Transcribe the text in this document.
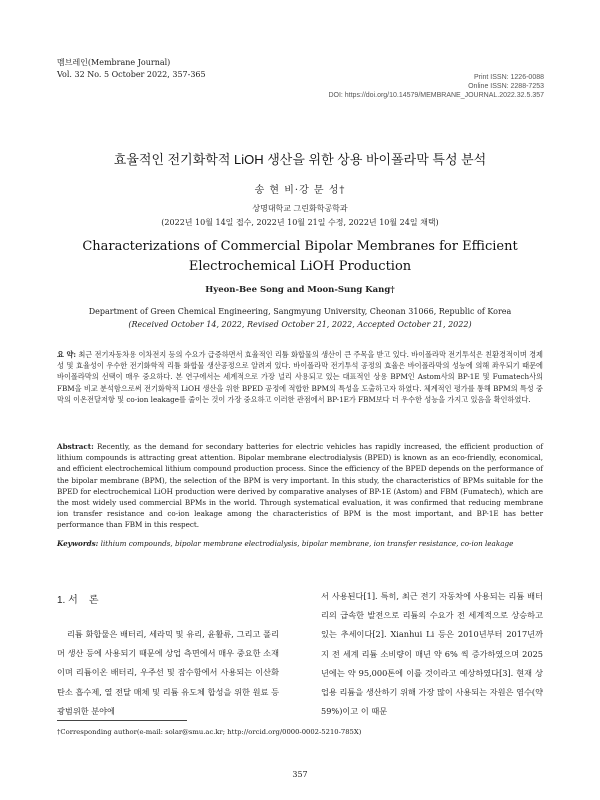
멤브레인(Membrane Journal)
Vol. 32 No. 5 October 2022, 357-365	Print ISSN: 1226-0088
Online ISSN: 2288-7253
DOI: https://doi.org/10.14579/MEMBRANE_JOURNAL.2022.32.5.357
효율적인 전기화학적 LiOH 생산을 위한 상용 바이폴라막 특성 분석
송 현 비·강 문 성†
상명대학교 그린화학공학과
(2022년 10월 14일 접수, 2022년 10월 21일 수정, 2022년 10월 24일 채택)
Characterizations of Commercial Bipolar Membranes for Efficient Electrochemical LiOH Production
Hyeon-Bee Song and Moon-Sung Kang†
Department of Green Chemical Engineering, Sangmyung University, Cheonan 31066, Republic of Korea
(Received October 14, 2022, Revised October 21, 2022, Accepted October 21, 2022)

요 약: 최근 전기자동차용 이차전지 등의 수요가 급증하면서 효율적인 리튬 화합물의 생산이 큰 주목을 받고 있다. 바이폴라막 전기투석은 친환경적이며 경제성 및 효율성이 우수한 전기화학적 리튬 화합물 생산공정으로 알려져 있다. 바이폴라막 전기투석 공정의 효율은 바이폴라막의 성능에 의해 좌우되기 때문에 바이폴라막의 선택이 매우 중요하다. 본 연구에서는 세계적으로 가장 널리 사용되고 있는 대표적인 상용 BPM인 Astom사의 BP-1E 및 Fumatech사의 FBM을 비교 분석함으로써 전기화학적 LiOH 생산을 위한 BPED 공정에 적합한 BPM의 특성을 도출하고자 하였다. 체계적인 평가를 통해 BPM의 특성 중 막의 이온전달저항 및 co-ion leakage를 줄이는 것이 가장 중요하고 이러한 관점에서 BP-1E가 FBM보다 더 우수한 성능을 가지고 있음을 확인하였다.

Abstract: Recently, as the demand for secondary batteries for electric vehicles has rapidly increased, the efficient production of lithium compounds is attracting great attention. Bipolar membrane electrodialysis (BPED) is known as an eco-friendly, economical, and efficient electrochemical lithium compound production process. Since the efficiency of the BPED depends on the performance of the bipolar membrane (BPM), the selection of the BPM is very important. In this study, the characteristics of BPMs suitable for the BPED for electrochemical LiOH production were derived by comparative analyses of BP-1E (Astom) and FBM (Fumatech), which are the most widely used commercial BPMs in the world. Through systematical evaluation, it was confirmed that reducing membrane ion transfer resistance and co-ion leakage among the characteristics of BPM is the most important, and BP-1E has better performance than FBM in this respect.

Keywords: lithium compounds, bipolar membrane electrodialysis, bipolar membrane, ion transfer resistance, co-ion leakage

1. 서    론

리튬 화합물은 배터리, 세라믹 및 유리, 윤활류, 그리고 폴리머 생산 등에 사용되기 때문에 상업 측면에서 매우 중요한 소재이며 리튬이온 배터리, 우주선 및 잠수함에서 사용되는 이산화탄소 흡수제, 열 전달 매체 및 리튬 유도체 합성을 위한 원료 등 광범위한 분야에

서 사용된다[1]. 특히, 최근 전기 자동차에 사용되는 리튬 배터리의 급속한 발전으로 리튬의 수요가 전 세계적으로 상승하고 있는 추세이다[2]. Xianhui Li 등은 2010년부터 2017년까지 전 세계 리튬 소비량이 매년 약 6% 씩 증가하였으며 2025년에는 약 95,000톤에 이를 것이라고 예상하였다[3]. 현재 상업용 리튬을 생산하기 위해 가장 많이 사용되는 자원은 염수(약 59%)이고 이 때문

†Corresponding author(e-mail: solar@smu.ac.kr; http://orcid.org/0000-0002-5210-785X)
357
